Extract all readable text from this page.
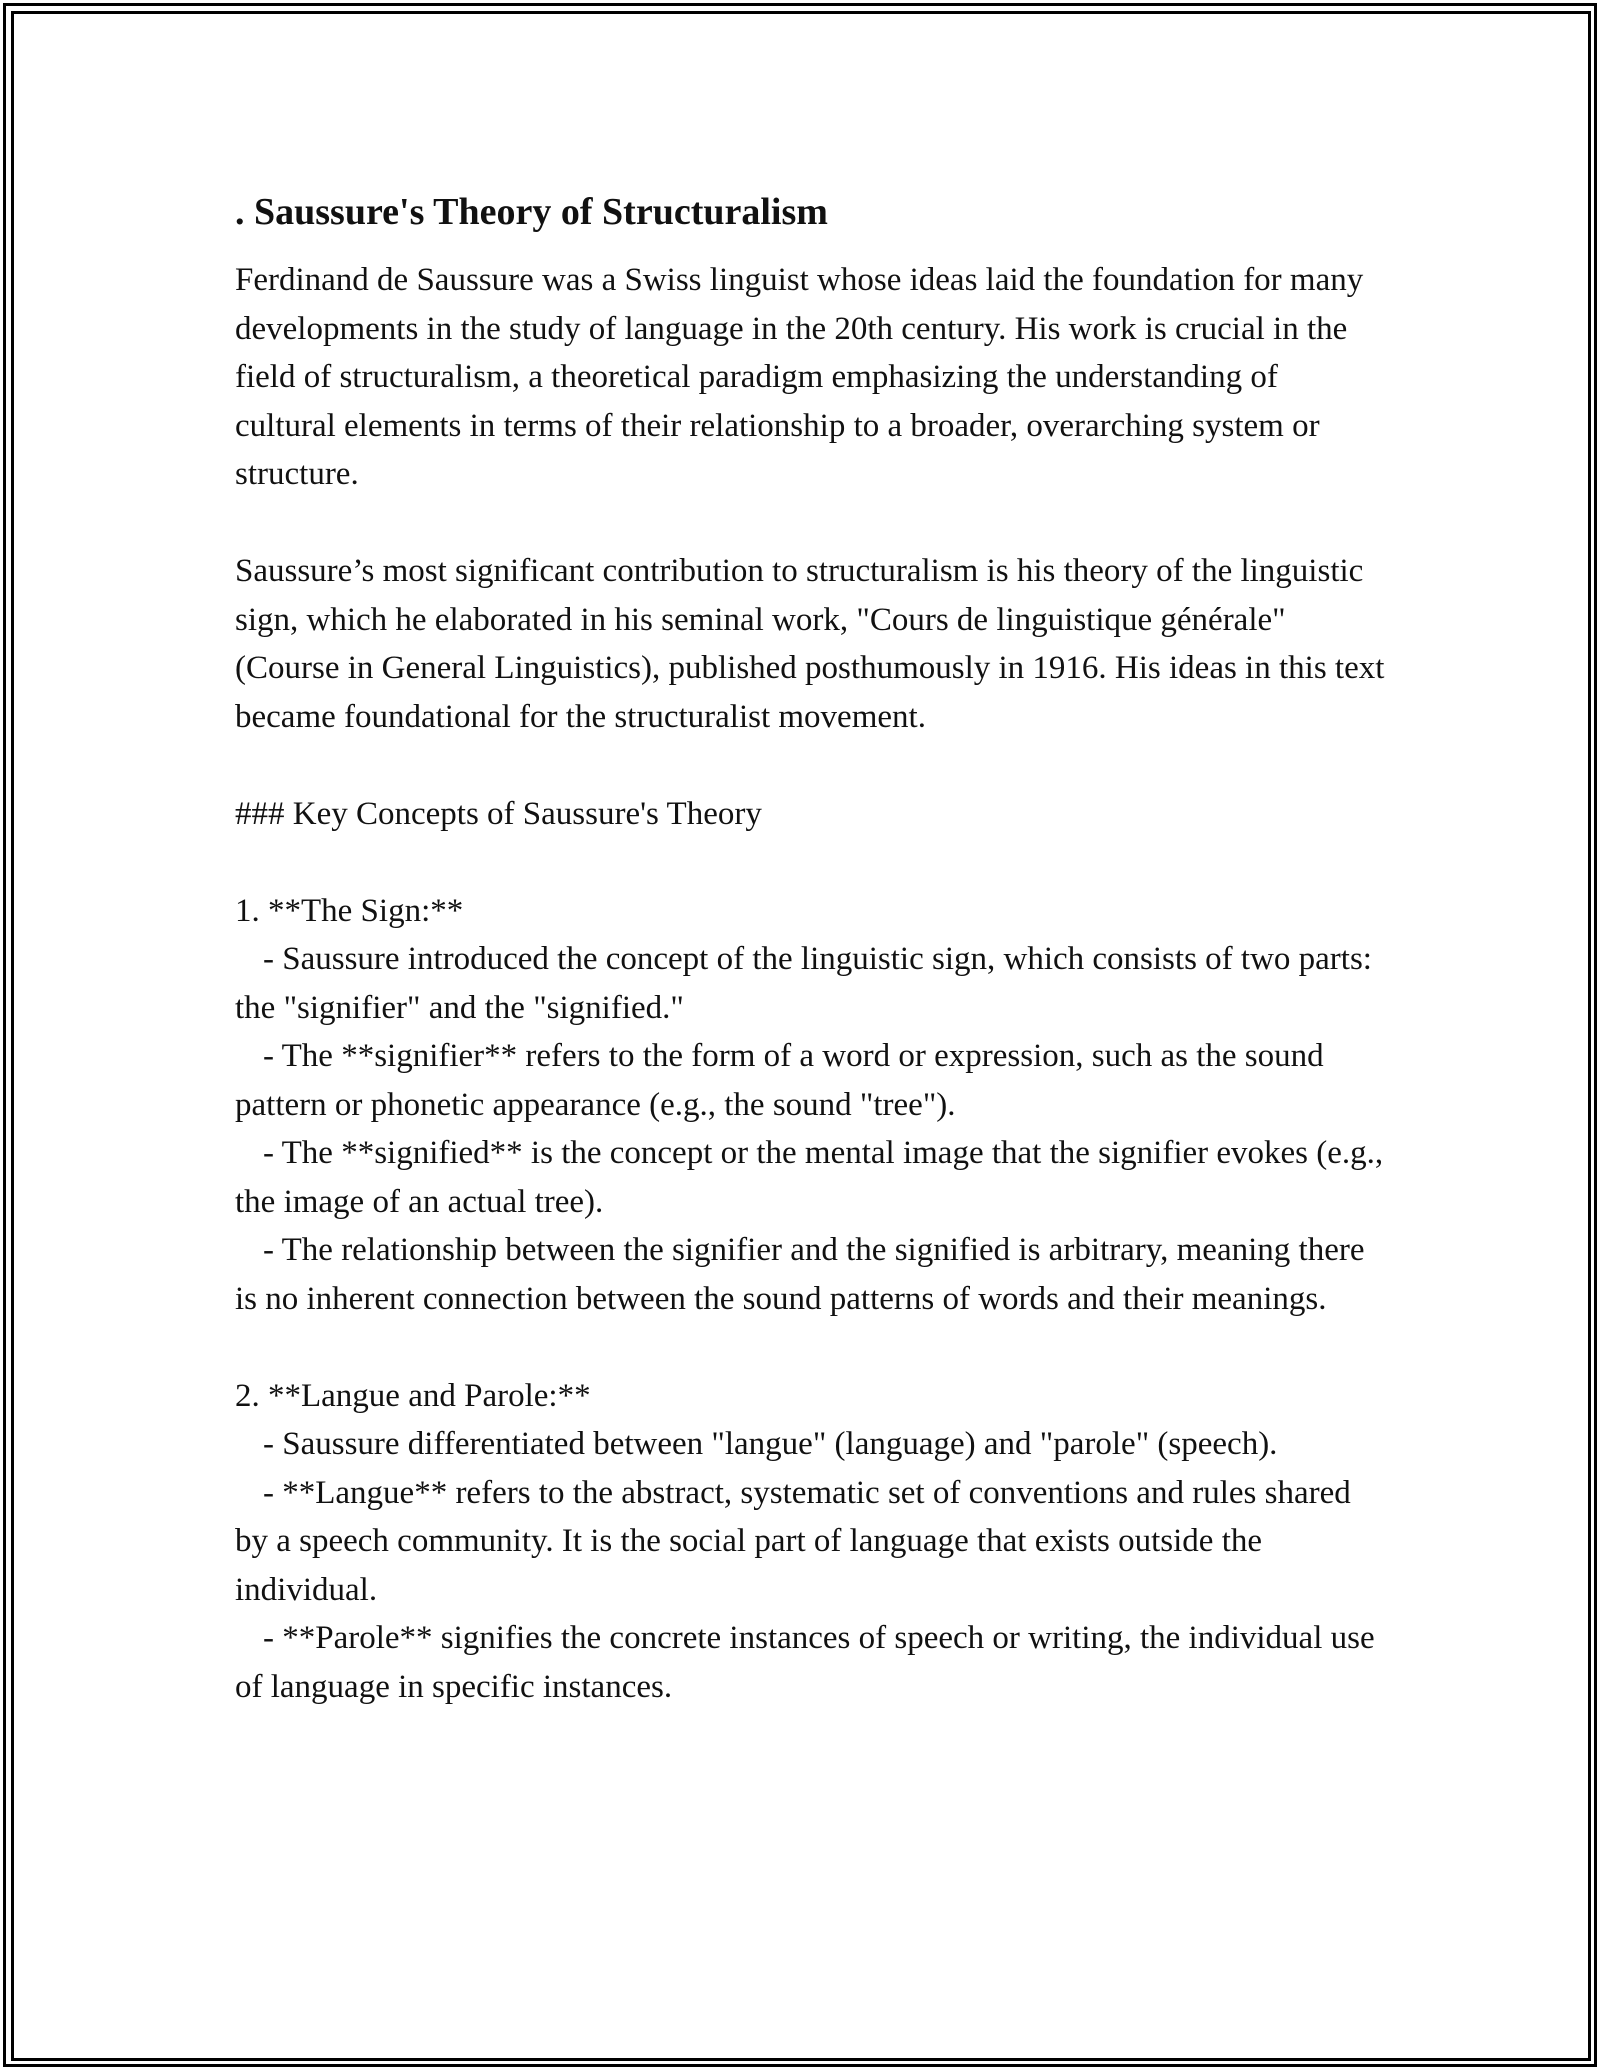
. Saussure's Theory of Structuralism

Ferdinand de Saussure was a Swiss linguist whose ideas laid the foundation for many developments in the study of language in the 20th century. His work is crucial in the field of structuralism, a theoretical paradigm emphasizing the understanding of cultural elements in terms of their relationship to a broader, overarching system or structure.

Saussure’s most significant contribution to structuralism is his theory of the linguistic sign, which he elaborated in his seminal work, "Cours de linguistique générale" (Course in General Linguistics), published posthumously in 1916. His ideas in this text became foundational for the structuralist movement.

### Key Concepts of Saussure's Theory

1. **The Sign:**

- Saussure introduced the concept of the linguistic sign, which consists of two parts: the "signifier" and the "signified."

- The **signifier** refers to the form of a word or expression, such as the sound pattern or phonetic appearance (e.g., the sound "tree").

- The **signified** is the concept or the mental image that the signifier evokes (e.g., the image of an actual tree).

- The relationship between the signifier and the signified is arbitrary, meaning there is no inherent connection between the sound patterns of words and their meanings.

2. **Langue and Parole:**

- Saussure differentiated between "langue" (language) and "parole" (speech).

- **Langue** refers to the abstract, systematic set of conventions and rules shared by a speech community. It is the social part of language that exists outside the individual.

- **Parole** signifies the concrete instances of speech or writing, the individual use of language in specific instances.
